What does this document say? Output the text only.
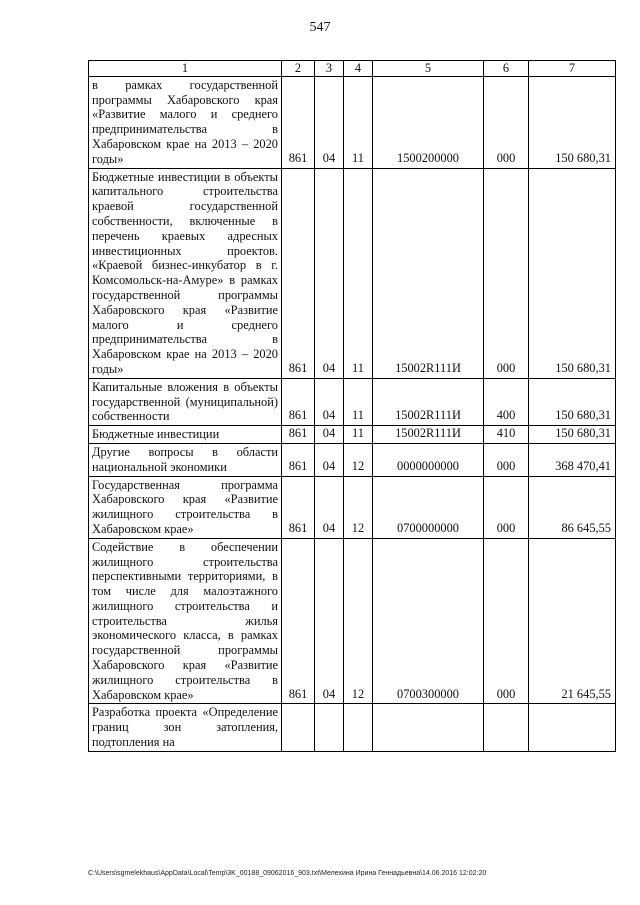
547
1	2	3	4	5	6	7
в рамках государственной программы Хабаровского края «Развитие малого и среднего предпринимательства в Хабаровском крае на 2013 – 2020 годы»	861	04	11	1500200000	000	150 680,31
Бюджетные инвестиции в объекты капитального строительства краевой государственной собственности, включенные в перечень краевых адресных инвестиционных проектов. «Краевой бизнес-инкубатор в г. Комсомольск-на-Амуре» в рамках государственной программы Хабаровского края «Развитие малого и среднего предпринимательства в Хабаровском крае на 2013 – 2020 годы»	861	04	11	15002R111И	000	150 680,31
Капитальные вложения в объекты государственной (муниципальной) собственности	861	04	11	15002R111И	400	150 680,31
Бюджетные инвестиции	861	04	11	15002R111И	410	150 680,31
Другие вопросы в области национальной экономики	861	04	12	0000000000	000	368 470,41
Государственная программа Хабаровского края «Развитие жилищного строительства в Хабаровском крае»	861	04	12	0700000000	000	86 645,55
Содействие в обеспечении жилищного строительства перспективными территориями, в том числе для малоэтажного жилищного строительства и строительства жилья экономического класса, в рамках государственной программы Хабаровского края «Развитие жилищного строительства в Хабаровском крае»	861	04	12	0700300000	000	21 645,55
Разработка проекта «Определение границ зон затопления, подтопления на						
C:\Users\sgmelekhaus\AppData\Local\Temp\3K_00188_09062016_903.txt\Мелехина Ирина Геннадьевна\14.06.2016 12:02:20
